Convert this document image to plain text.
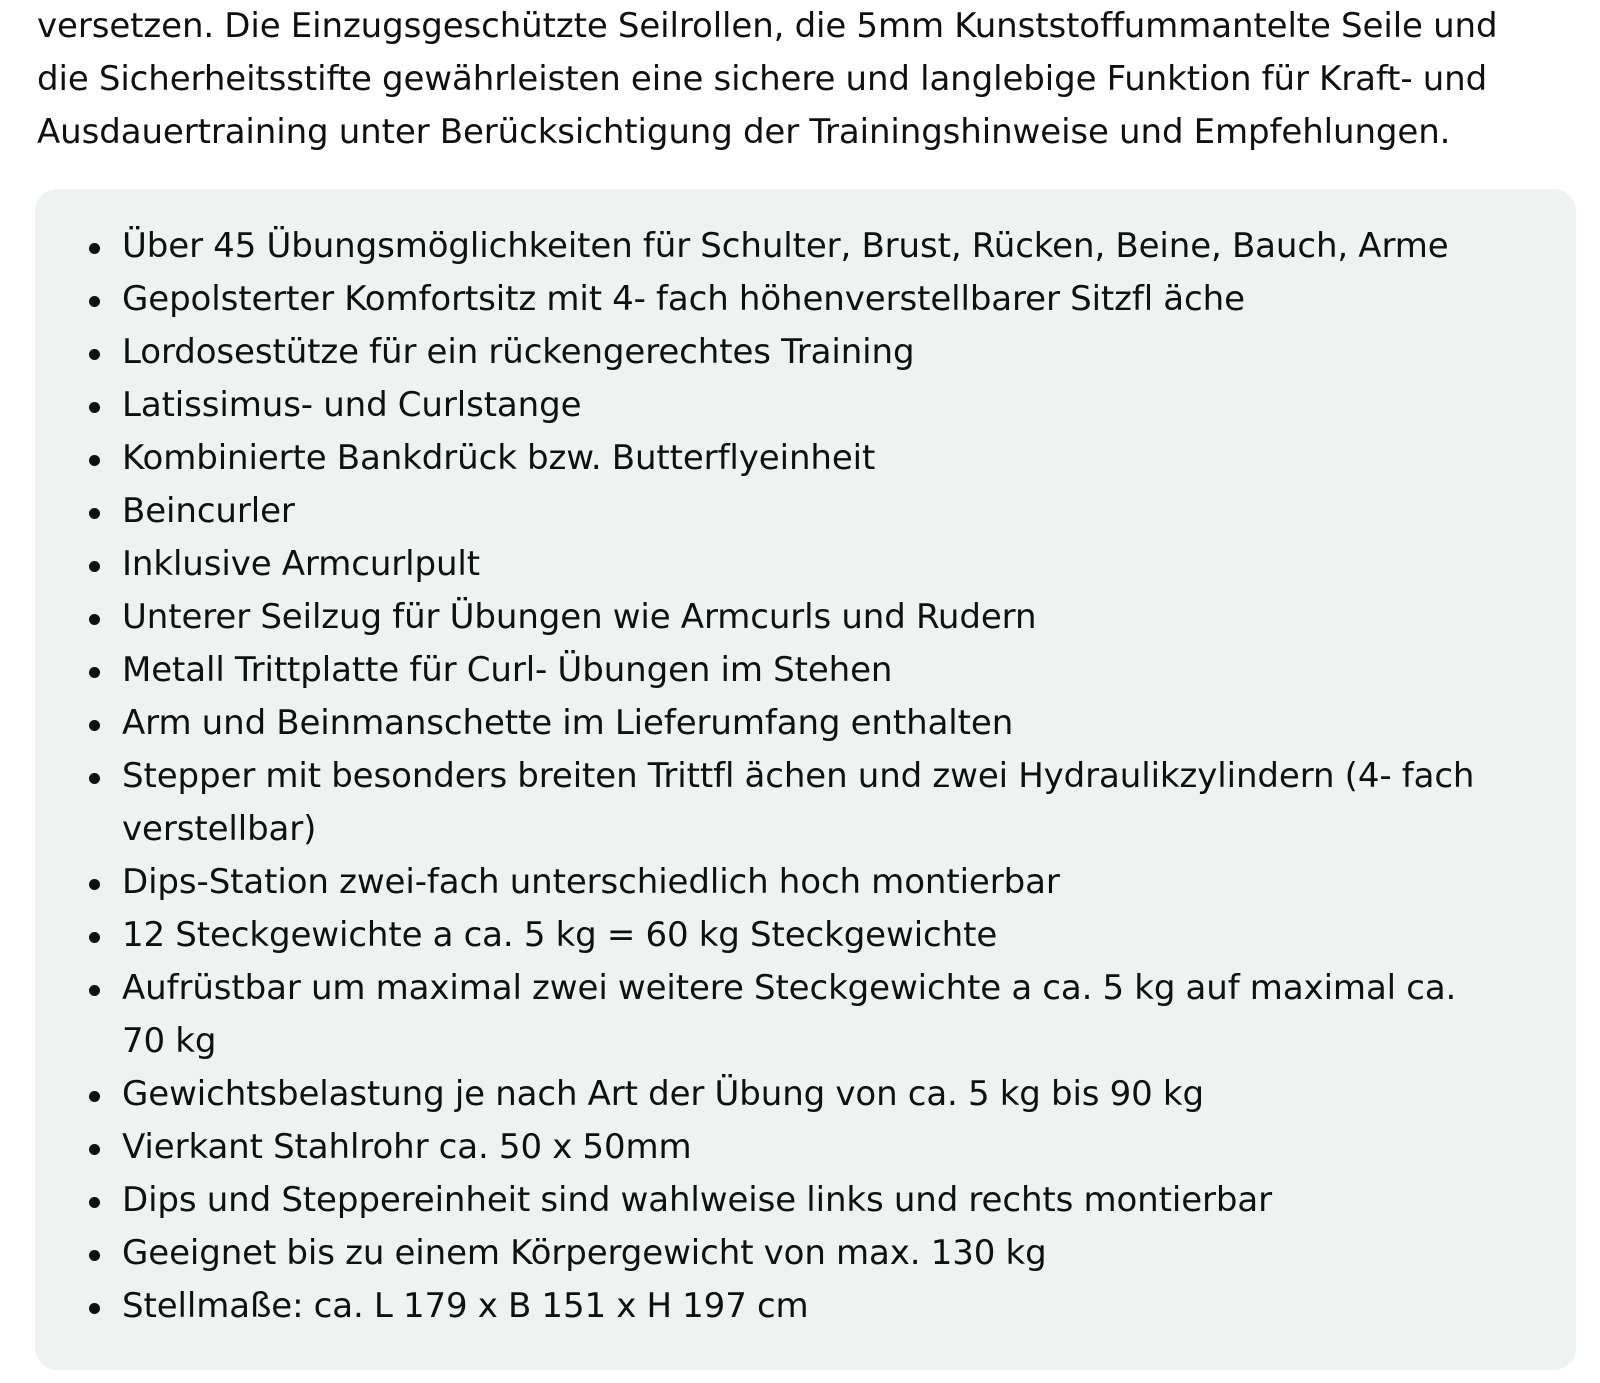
versetzen. Die Einzugsgeschützte Seilrollen, die 5mm Kunststoffummantelte Seile und
die Sicherheitsstifte gewährleisten eine sichere und langlebige Funktion für Kraft- und
Ausdauertraining unter Berücksichtigung der Trainingshinweise und Empfehlungen.

Über 45 Übungsmöglichkeiten für Schulter, Brust, Rücken, Beine, Bauch, Arme
Gepolsterter Komfortsitz mit 4- fach höhenverstellbarer Sitzfl äche
Lordosestütze für ein rückengerechtes Training
Latissimus- und Curlstange
Kombinierte Bankdrück bzw. Butterflyeinheit
Beincurler
Inklusive Armcurlpult
Unterer Seilzug für Übungen wie Armcurls und Rudern
Metall Trittplatte für Curl- Übungen im Stehen
Arm und Beinmanschette im Lieferumfang enthalten
Stepper mit besonders breiten Trittfl ächen und zwei Hydraulikzylindern (4- fach verstellbar)
Dips-Station zwei-fach unterschiedlich hoch montierbar
12 Steckgewichte a ca. 5 kg = 60 kg Steckgewichte
Aufrüstbar um maximal zwei weitere Steckgewichte a ca. 5 kg auf maximal ca. 70 kg
Gewichtsbelastung je nach Art der Übung von ca. 5 kg bis 90 kg
Vierkant Stahlrohr ca. 50 x 50mm
Dips und Steppereinheit sind wahlweise links und rechts montierbar
Geeignet bis zu einem Körpergewicht von max. 130 kg
Stellmaße: ca. L 179 x B 151 x H 197 cm
